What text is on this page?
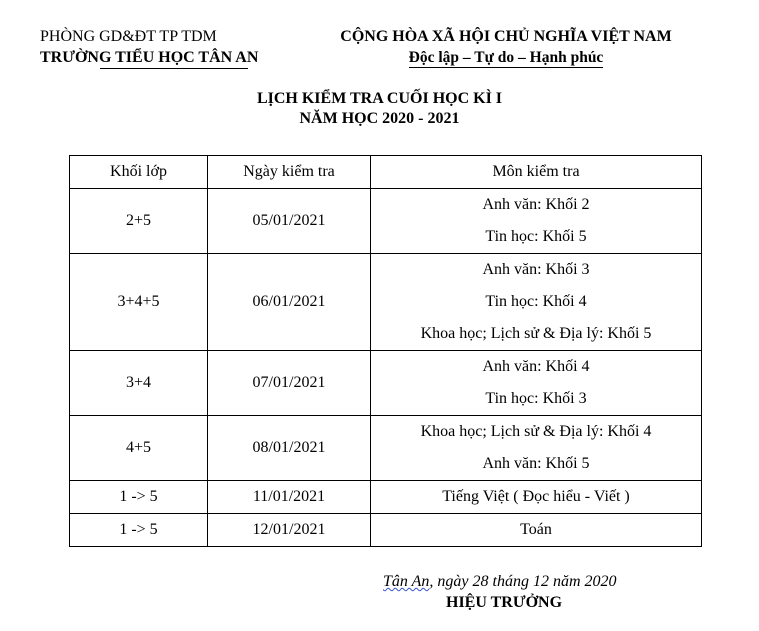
PHÒNG GD&ĐT TP TDM
TRƯỜNG TIỂU HỌC TÂN AN
CỘNG HÒA XÃ HỘI CHỦ NGHĨA VIỆT NAM
Độc lập – Tự do – Hạnh phúc
LỊCH KIỂM TRA CUỐI HỌC KÌ I
NĂM HỌC 2020 - 2021
Khối lớp	Ngày kiểm tra	Môn kiểm tra
2+5	05/01/2021	Anh văn: Khối 2
Tin học: Khối 5

3+4+5	06/01/2021	Anh văn: Khối 3
Tin học: Khối 4
Khoa học; Lịch sử & Địa lý: Khối 5

3+4	07/01/2021	Anh văn: Khối 4
Tin học: Khối 3

4+5	08/01/2021	Khoa học; Lịch sử & Địa lý: Khối 4
Anh văn: Khối 5

1 -> 5	11/01/2021	Tiếng Việt ( Đọc hiểu - Viết )

1 -> 5	12/01/2021	Toán
Tân An, ngày 28 tháng 12 năm 2020
HIỆU TRƯỞNG
